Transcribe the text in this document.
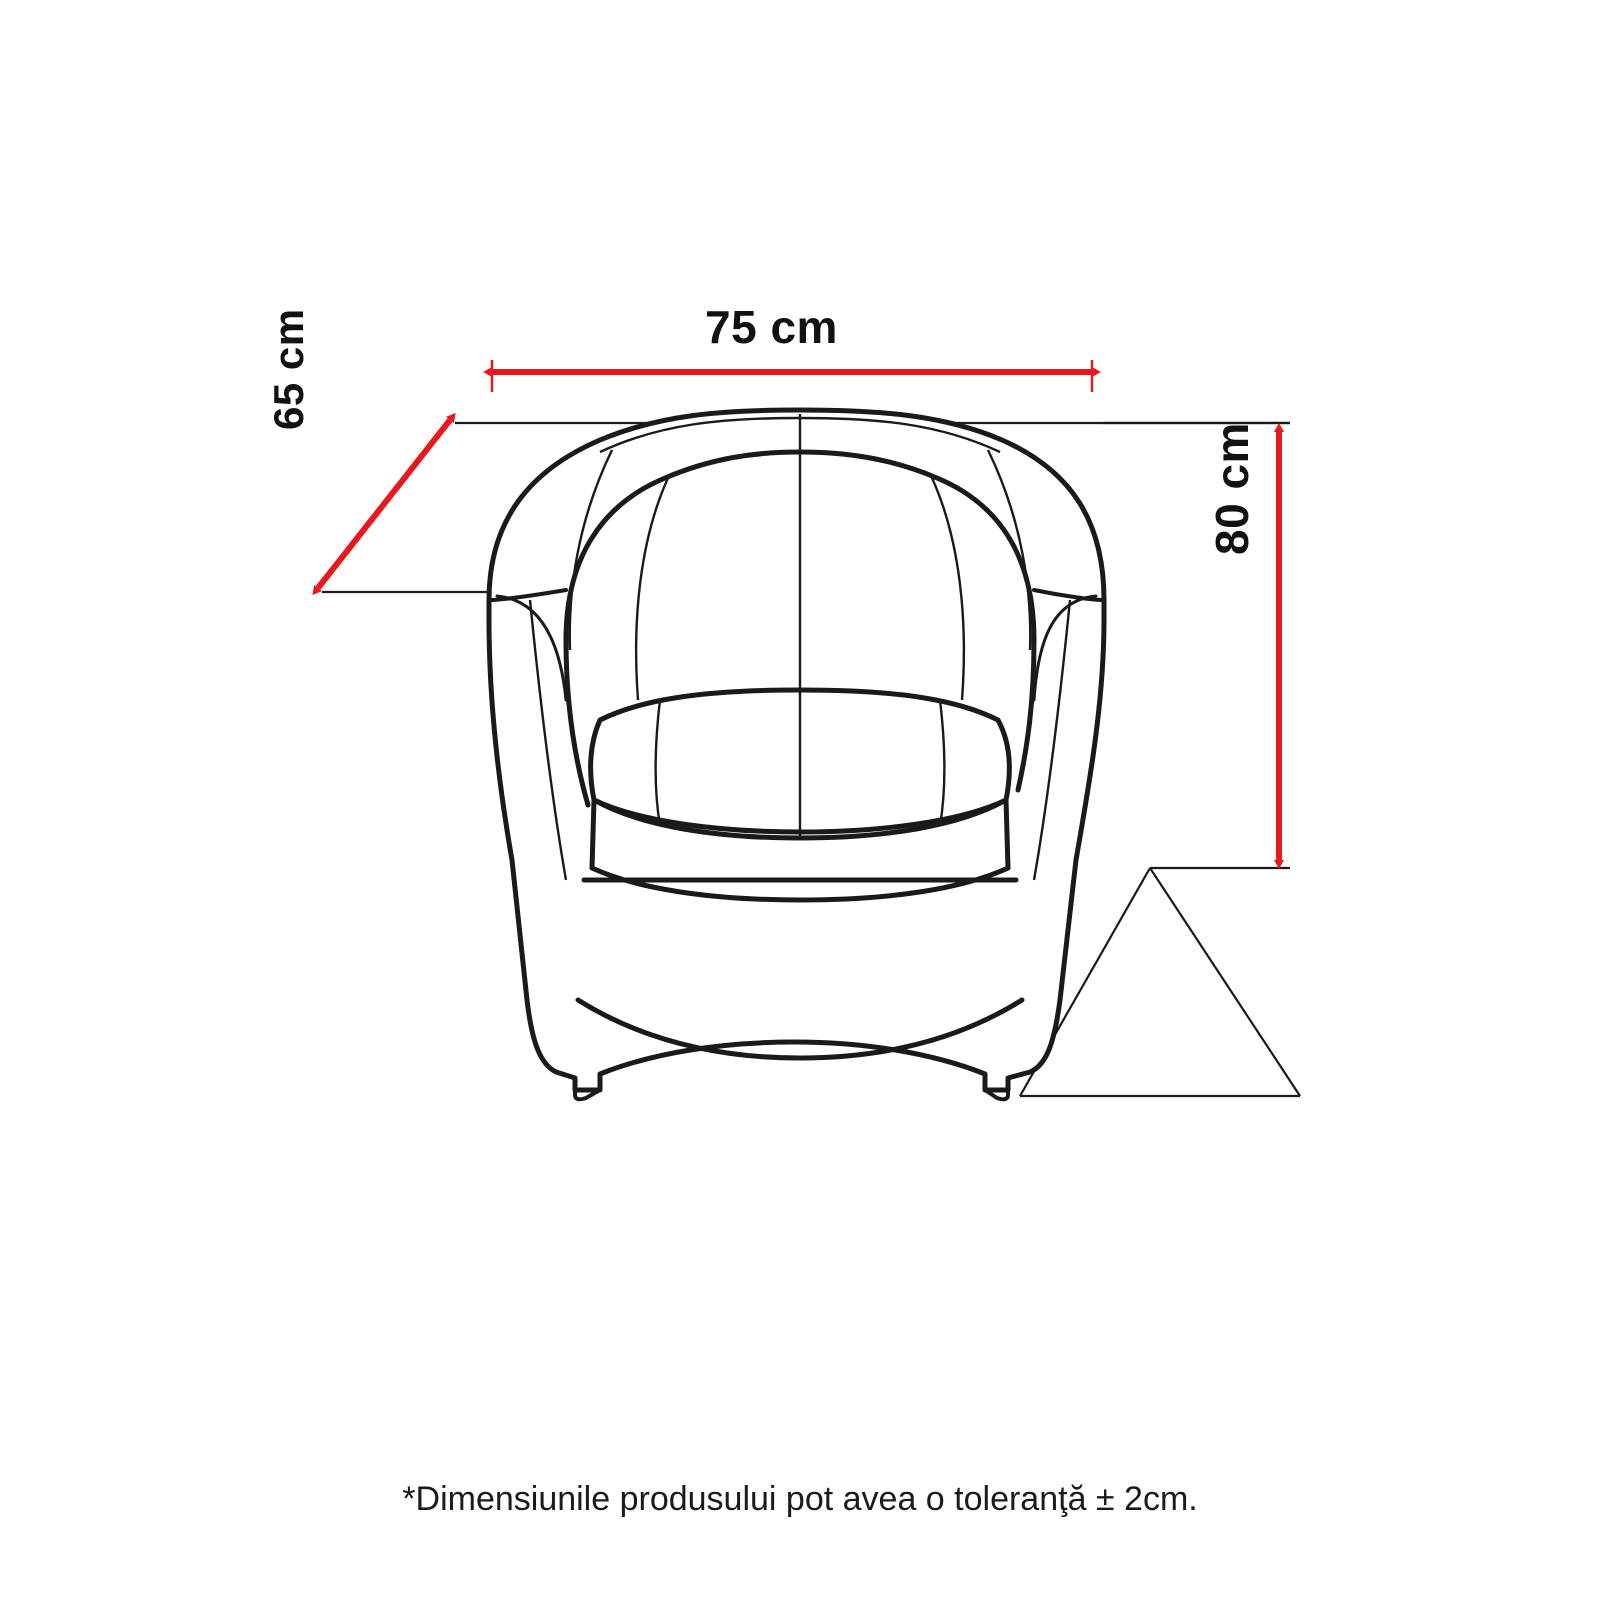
75 cm
65 cm
80 cm
*Dimensiunile produsului pot avea o toleranţă ± 2cm.
